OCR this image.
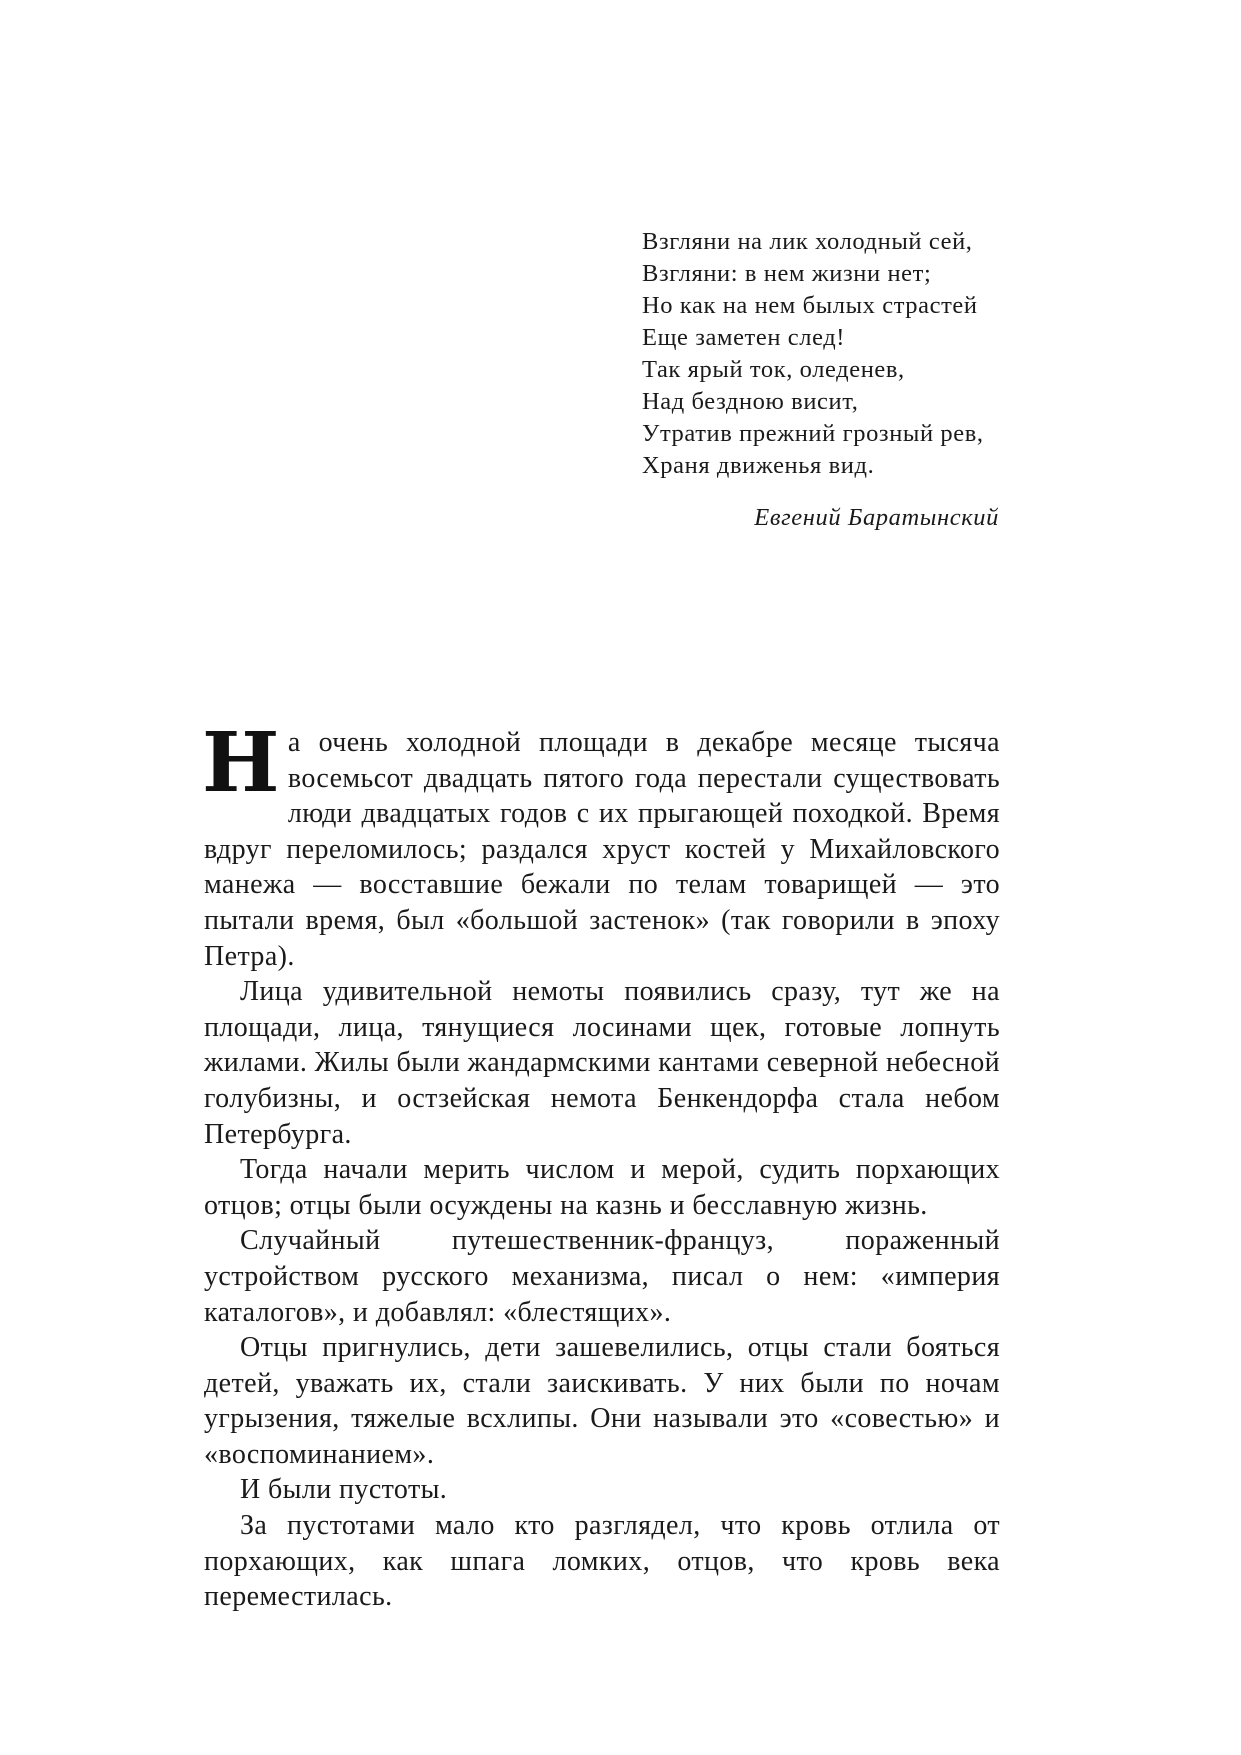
Взгляни на лик холодный сей,
Взгляни: в нем жизни нет;
Но как на нем былых страстей
Еще заметен след!
Так ярый ток, оледенев,
Над бездною висит,
Утратив прежний грозный рев,
Храня движенья вид.
Евгений Баратынский

На очень холодной площади в декабре месяце тысяча восемьсот двадцать пятого года перестали существовать люди двадцатых годов с их прыгающей походкой. Время вдруг переломилось; раздался хруст костей у Михайловского манежа — восставшие бежали по телам товарищей — это пытали время, был «большой застенок» (так говорили в эпоху Петра).

Лица удивительной немоты появились сразу, тут же на площади, лица, тянущиеся лосинами щек, готовые лопнуть жилами. Жилы были жандармскими кантами северной небесной голубизны, и остзейская немота Бенкендорфа стала небом Петербурга.

Тогда начали мерить числом и мерой, судить порхающих отцов; отцы были осуждены на казнь и бесславную жизнь.

Случайный путешественник-француз, пораженный устройством русского механизма, писал о нем: «империя каталогов», и добавлял: «блестящих».

Отцы пригнулись, дети зашевелились, отцы стали бояться детей, уважать их, стали заискивать. У них были по ночам угрызения, тяжелые всхлипы. Они называли это «совестью» и «воспоминанием».

И были пустоты.

За пустотами мало кто разглядел, что кровь отлила от порхающих, как шпага ломких, отцов, что кровь века переместилась.
